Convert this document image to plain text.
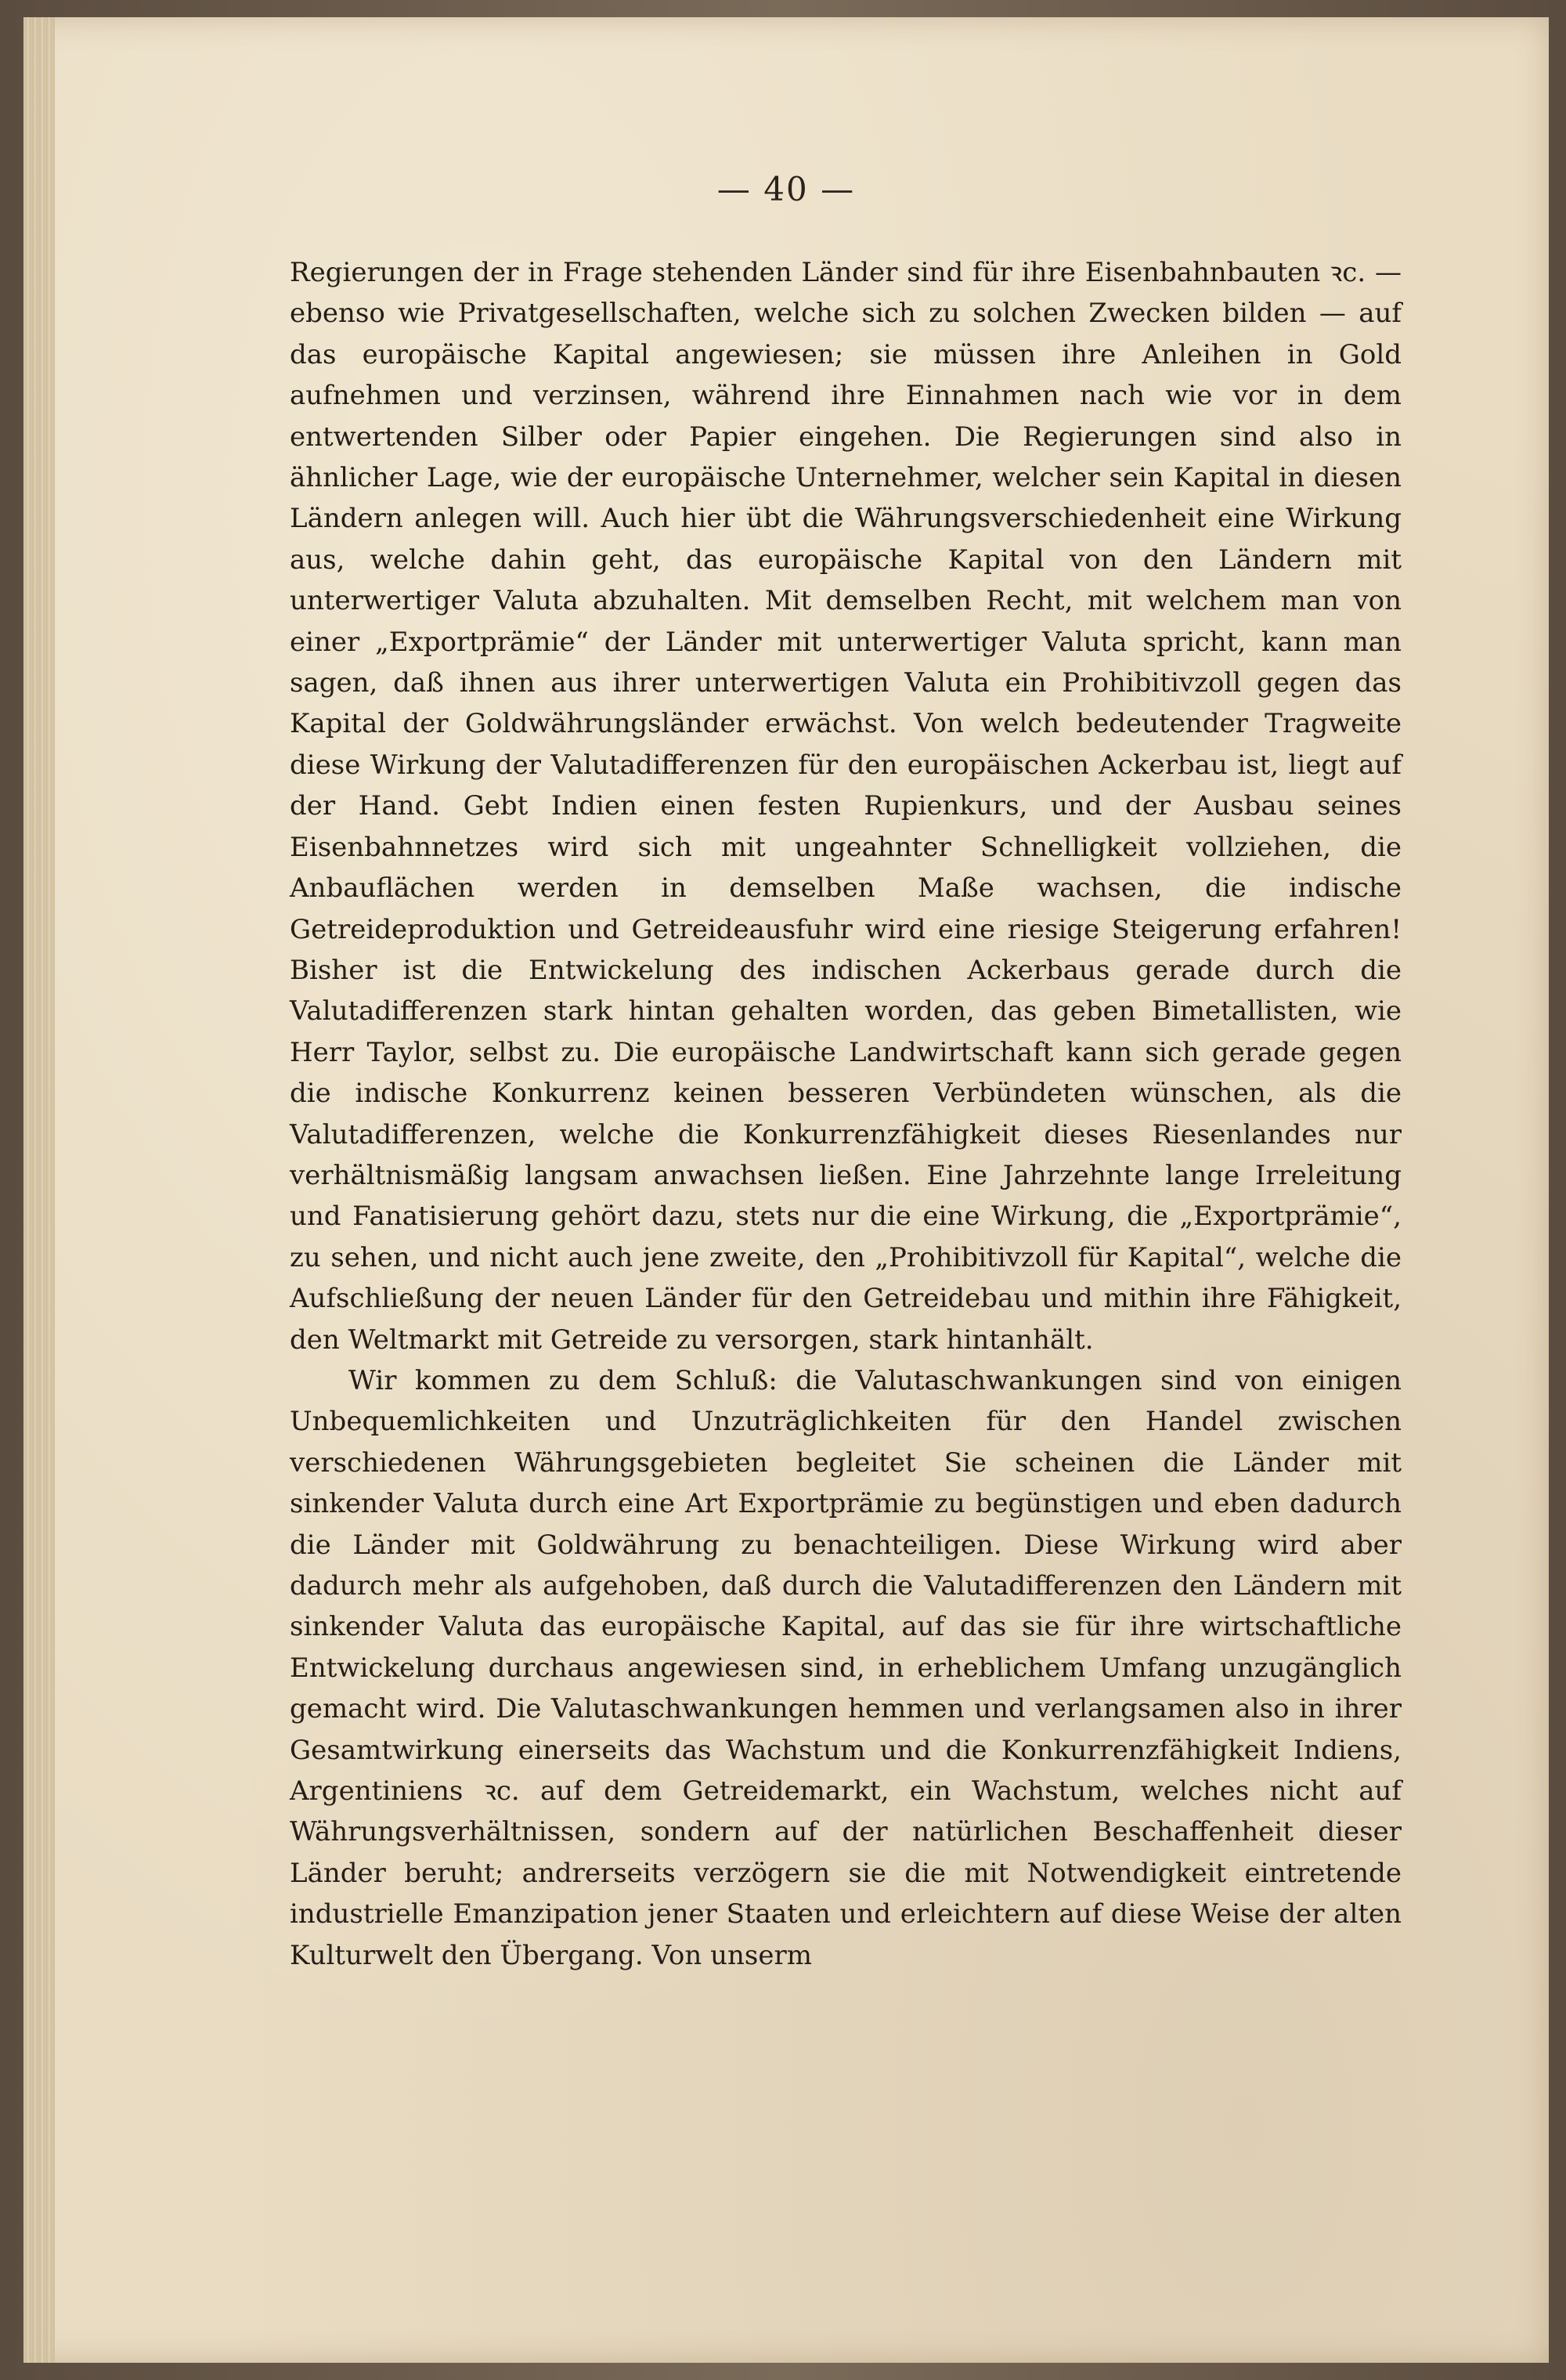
— 40 —

Regierungen der in Frage stehenden Länder sind für ihre Eisenbahnbauten ꝛc. — ebenso wie Privatgesellschaften, welche sich zu solchen Zwecken bilden — auf das europäische Kapital angewiesen; sie müssen ihre Anleihen in Gold aufnehmen und verzinsen, während ihre Einnahmen nach wie vor in dem entwertenden Silber oder Papier eingehen. Die Regierungen sind also in ähnlicher Lage, wie der europäische Unternehmer, welcher sein Kapital in diesen Ländern anlegen will. Auch hier übt die Währungsverschiedenheit eine Wirkung aus, welche dahin geht, das europäische Kapital von den Ländern mit unterwertiger Valuta abzuhalten. Mit demselben Recht, mit welchem man von einer „Exportprämie“ der Länder mit unterwertiger Valuta spricht, kann man sagen, daß ihnen aus ihrer unterwertigen Valuta ein Prohibitivzoll gegen das Kapital der Goldwährungsländer erwächst. Von welch bedeutender Tragweite diese Wirkung der Valutadifferenzen für den europäischen Ackerbau ist, liegt auf der Hand. Gebt Indien einen festen Rupienkurs, und der Ausbau seines Eisenbahnnetzes wird sich mit ungeahnter Schnelligkeit vollziehen, die Anbauflächen werden in demselben Maße wachsen, die indische Getreideproduktion und Getreideausfuhr wird eine riesige Steigerung erfahren! Bisher ist die Entwickelung des indischen Ackerbaus gerade durch die Valutadifferenzen stark hintan gehalten worden, das geben Bimetallisten, wie Herr Taylor, selbst zu. Die europäische Landwirtschaft kann sich gerade gegen die indische Konkurrenz keinen besseren Verbündeten wünschen, als die Valutadifferenzen, welche die Konkurrenzfähigkeit dieses Riesenlandes nur verhältnismäßig langsam anwachsen ließen. Eine Jahrzehnte lange Irreleitung und Fanatisierung gehört dazu, stets nur die eine Wirkung, die „Exportprämie“, zu sehen, und nicht auch jene zweite, den „Prohibitivzoll für Kapital“, welche die Aufschließung der neuen Länder für den Getreidebau und mithin ihre Fähigkeit, den Weltmarkt mit Getreide zu versorgen, stark hintanhält.

Wir kommen zu dem Schluß: die Valutaschwankungen sind von einigen Unbequemlichkeiten und Unzuträglichkeiten für den Handel zwischen verschiedenen Währungsgebieten begleitet Sie scheinen die Länder mit sinkender Valuta durch eine Art Exportprämie zu begünstigen und eben dadurch die Länder mit Goldwährung zu benachteiligen. Diese Wirkung wird aber dadurch mehr als aufgehoben, daß durch die Valutadifferenzen den Ländern mit sinkender Valuta das europäische Kapital, auf das sie für ihre wirtschaftliche Entwickelung durchaus angewiesen sind, in erheblichem Umfang unzugänglich gemacht wird. Die Valutaschwankungen hemmen und verlangsamen also in ihrer Gesamtwirkung einerseits das Wachstum und die Konkurrenzfähigkeit Indiens, Argentiniens ꝛc. auf dem Getreidemarkt, ein Wachstum, welches nicht auf Währungsverhältnissen, sondern auf der natürlichen Beschaffenheit dieser Länder beruht; andrerseits verzögern sie die mit Notwendigkeit eintretende industrielle Emanzipation jener Staaten und erleichtern auf diese Weise der alten Kulturwelt den Übergang. Von unserm
